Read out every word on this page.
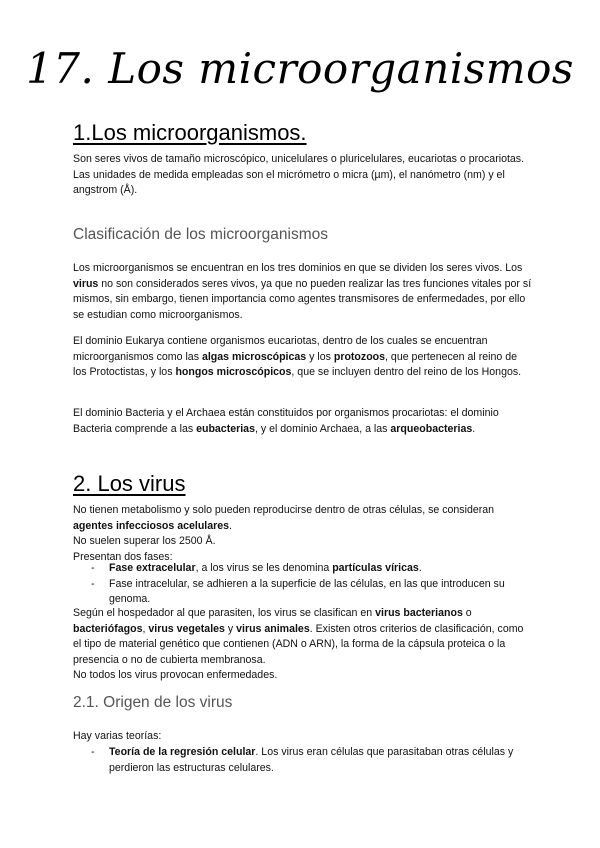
17. Los microorganismos
1.Los microorganismos.

Son seres vivos de tamaño microscópico, unicelulares o pluricelulares, eucariotas o procariotas.
Las unidades de medida empleadas son el micrómetro o micra (µm), el nanómetro (nm) y el angstrom (Å).

Clasificación de los microorganismos

Los microorganismos se encuentran en los tres dominios en que se dividen los seres vivos. Los virus no son considerados seres vivos, ya que no pueden realizar las tres funciones vitales por sí mismos, sin embargo, tienen importancia como agentes transmisores de enfermedades, por ello se estudian como microorganismos.

El dominio Eukarya contiene organismos eucariotas, dentro de los cuales se encuentran microorganismos como las algas microscópicas y los protozoos, que pertenecen al reino de los Protoctistas, y los hongos microscópicos, que se incluyen dentro del reino de los Hongos.

El dominio Bacteria y el Archaea están constituidos por organismos procariotas: el dominio Bacteria comprende a las eubacterias, y el dominio Archaea, a las arqueobacterias.

2. Los virus

No tienen metabolismo y solo pueden reproducirse dentro de otras células, se consideran agentes infecciosos acelulares.
No suelen superar los 2500 Å.
Presentan dos fases:

- Fase extracelular, a los virus se les denomina partículas víricas.
- Fase intracelular, se adhieren a la superficie de las células, en las que introducen su genoma.

Según el hospedador al que parasiten, los virus se clasifican en virus bacterianos o bacteriófagos, virus vegetales y virus animales. Existen otros criterios de clasificación, como el tipo de material genético que contienen (ADN o ARN), la forma de la cápsula proteica o la presencia o no de cubierta membranosa.
No todos los virus provocan enfermedades.

2.1. Origen de los virus

Hay varias teorías:

- Teoría de la regresión celular. Los virus eran células que parasitaban otras células y perdieron las estructuras celulares.
